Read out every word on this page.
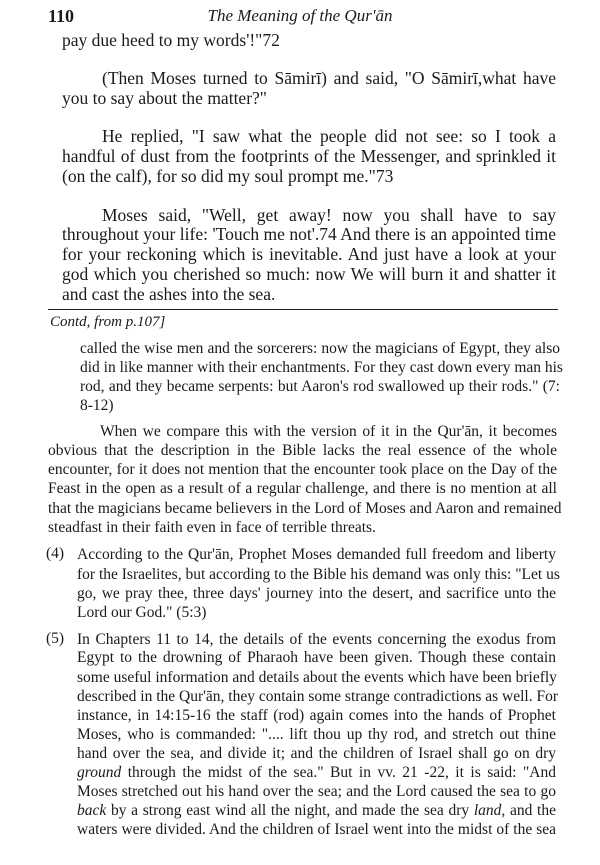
110	The Meaning of the Qur'ān
pay due heed to my words'!"72
(Then Moses turned to Sāmirī) and said, "O Sāmirī,what have
you to say about the matter?"
He replied, "I saw what the people did not see: so I took a
handful of dust from the footprints of the Messenger, and sprinkled it
(on the calf), for so did my soul prompt me."73
Moses said, "Well, get away! now you shall have to say
throughout your life: 'Touch me not'.74 And there is an appointed time
for your reckoning which is inevitable. And just have a look at your
god which you cherished so much: now We will burn it and shatter it
and cast the ashes into the sea.
Contd, from p.107]
called the wise men and the sorcerers: now the magicians of Egypt, they also
did in like manner with their enchantments. For they cast down every man his
rod, and they became serpents: but Aaron's rod swallowed up their rods." (7:
8-12)
When we compare this with the version of it in the Qur'ān, it becomes
obvious that the description in the Bible lacks the real essence of the whole
encounter, for it does not mention that the encounter took place on the Day of the
Feast in the open as a result of a regular challenge, and there is no mention at all
that the magicians became believers in the Lord of Moses and Aaron and remained
steadfast in their faith even in face of terrible threats.
(4) According to the Qur'ān, Prophet Moses demanded full freedom and liberty
for the Israelites, but according to the Bible his demand was only this: "Let us
go, we pray thee, three days' journey into the desert, and sacrifice unto the
Lord our God." (5:3)
(5) In Chapters 11 to 14, the details of the events concerning the exodus from
Egypt to the drowning of Pharaoh have been given. Though these contain
some useful information and details about the events which have been briefly
described in the Qur'ān, they contain some strange contradictions as well. For
instance, in 14:15-16 the staff (rod) again comes into the hands of Prophet
Moses, who is commanded: ".... lift thou up thy rod, and stretch out thine
hand over the sea, and divide it; and the children of Israel shall go on dry
ground through the midst of the sea." But in vv. 21 -22, it is said: "And
Moses stretched out his hand over the sea; and the Lord caused the sea to go
back by a strong east wind all the night, and made the sea dry land, and the
waters were divided. And the children of Israel went into the midst of the sea
